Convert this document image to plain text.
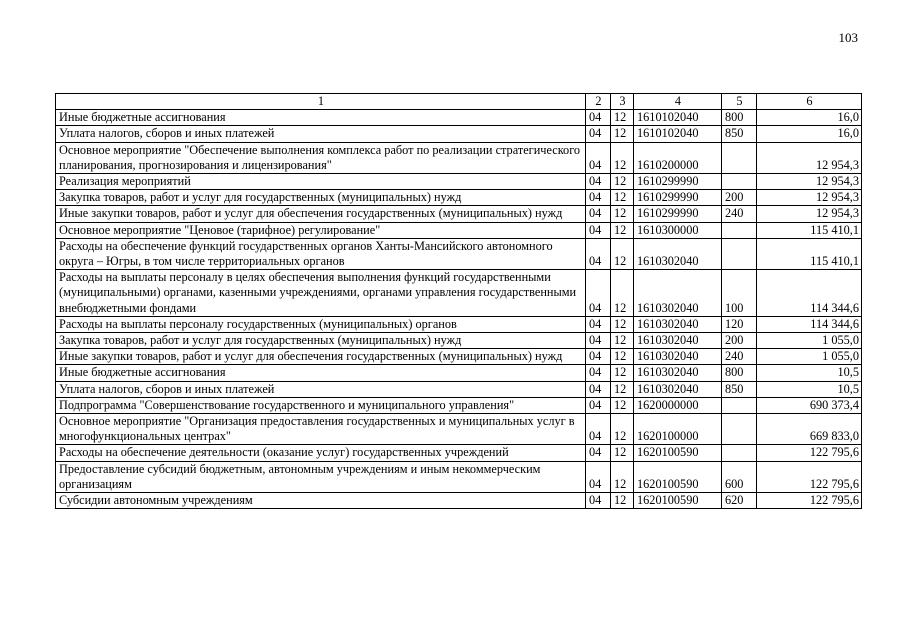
103
1	2	3	4	5	6
Иные бюджетные ассигнования	04	12	1610102040	800	16,0
Уплата налогов, сборов и иных платежей	04	12	1610102040	850	16,0
Основное мероприятие "Обеспечение выполнения комплекса работ по реализации стратегического планирования, прогнозирования и лицензирования"	04	12	1610200000		12 954,3
Реализация мероприятий	04	12	1610299990		12 954,3
Закупка товаров, работ и услуг для государственных (муниципальных) нужд	04	12	1610299990	200	12 954,3
Иные закупки товаров, работ и услуг для обеспечения государственных (муниципальных) нужд	04	12	1610299990	240	12 954,3
Основное мероприятие "Ценовое (тарифное) регулирование"	04	12	1610300000		115 410,1
Расходы на обеспечение функций государственных органов Ханты-Мансийского автономного округа – Югры, в том числе территориальных органов	04	12	1610302040		115 410,1
Расходы на выплаты персоналу в целях обеспечения выполнения функций государственными (муниципальными) органами, казенными учреждениями, органами управления государственными внебюджетными фондами	04	12	1610302040	100	114 344,6
Расходы на выплаты персоналу государственных (муниципальных) органов	04	12	1610302040	120	114 344,6
Закупка товаров, работ и услуг для государственных (муниципальных) нужд	04	12	1610302040	200	1 055,0
Иные закупки товаров, работ и услуг для обеспечения государственных (муниципальных) нужд	04	12	1610302040	240	1 055,0
Иные бюджетные ассигнования	04	12	1610302040	800	10,5
Уплата налогов, сборов и иных платежей	04	12	1610302040	850	10,5
Подпрограмма "Совершенствование государственного и муниципального управления"	04	12	1620000000		690 373,4
Основное мероприятие "Организация предоставления государственных и муниципальных услуг в многофункциональных центрах"	04	12	1620100000		669 833,0
Расходы на обеспечение деятельности (оказание услуг) государственных учреждений	04	12	1620100590		122 795,6
Предоставление субсидий бюджетным, автономным учреждениям и иным некоммерческим организациям	04	12	1620100590	600	122 795,6
Субсидии автономным учреждениям	04	12	1620100590	620	122 795,6
